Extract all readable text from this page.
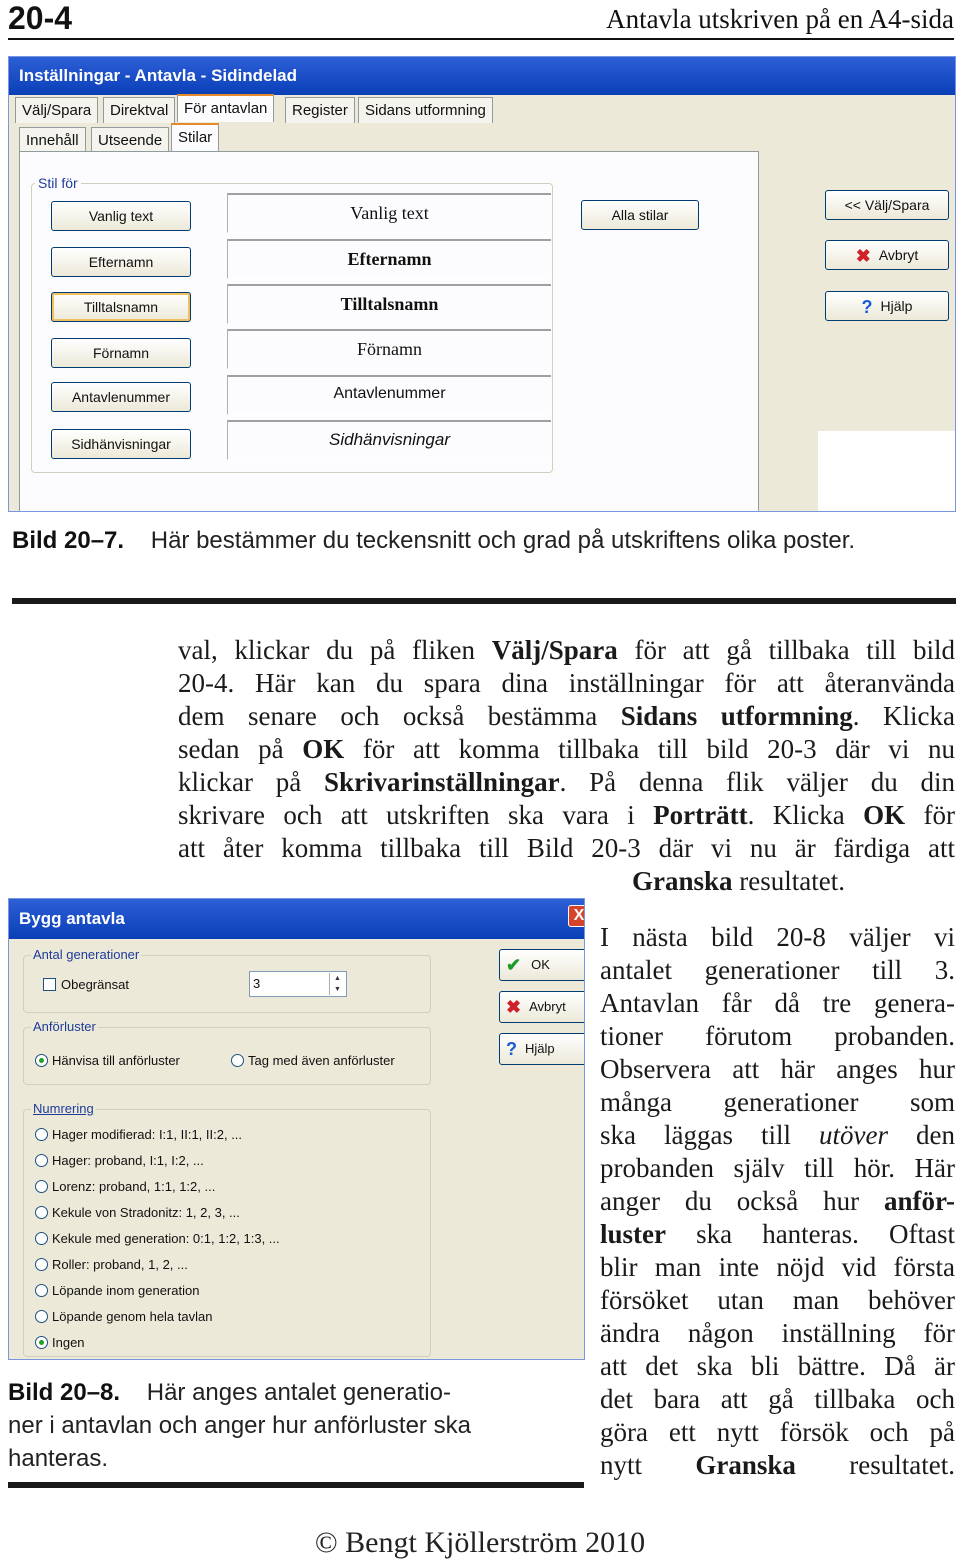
20-4	Antavla utskriven på en A4-sida
Inställningar - Antavla - Sidindelad
Välj/Spara	Direktval	För antavlan	Register	Sidans utformning
Innehåll	Utseende	Stilar
Stil för
Vanlig text
Efternamn
Tilltalsnamn
Förnamn
Antavlenummer
Sidhänvisningar
Vanlig text
Efternamn
Tilltalsnamn
Förnamn
Antavlenummer
Sidhänvisningar
Alla stilar
<< Välj/Spara
✖ Avbryt
? Hjälp
Bild 20–7. Här bestämmer du teckensnitt och grad på utskriftens olika poster.
val, klickar du på fliken Välj/Spara för att gå tillbaka till bild
20-4. Här kan du spara dina inställningar för att återanvända
dem senare och också bestämma Sidans utformning. Klicka
sedan på OK för att komma tillbaka till bild 20-3 där vi nu
klickar på Skrivarinställningar. På denna flik väljer du din
skrivare och att utskriften ska vara i Porträtt. Klicka OK för
att åter komma tillbaka till Bild 20-3 där vi nu är färdiga att
Granska resultatet.
Bygg antavla	X
Antal generationer
Obegränsat	3	▲
▼
Anförluster
Hänvisa till anförluster	Tag med även anförluster
Numrering
Hager modifierad: I:1, II:1, II:2, ...
Hager: proband, I:1, I:2, ...
Lorenz: proband, 1:1, 1:2, ...
Kekule von Stradonitz: 1, 2, 3, ...
Kekule med generation: 0:1, 1:2, 1:3, ...
Roller: proband, 1, 2, ...
Löpande inom generation
Löpande genom hela tavlan
Ingen
✔ OK
✖ Avbryt
? Hjälp
Bild 20–8. Här anges antalet generatio-
ner i antavlan och anger hur anförluster ska
hanteras.
I nästa bild 20-8 väljer vi
antalet generationer till 3.
Antavlan får då tre genera-
tioner förutom probanden.
Observera att här anges hur
många generationer som
ska läggas till utöver den
probanden själv till hör. Här
anger du också hur anför-
luster ska hanteras. Oftast
blir man inte nöjd vid första
försöket utan man behöver
ändra någon inställning för
att det ska bli bättre. Då är
det bara att gå tillbaka och
göra ett nytt försök och på
nytt Granska resultatet.
© Bengt Kjöllerström 2010
